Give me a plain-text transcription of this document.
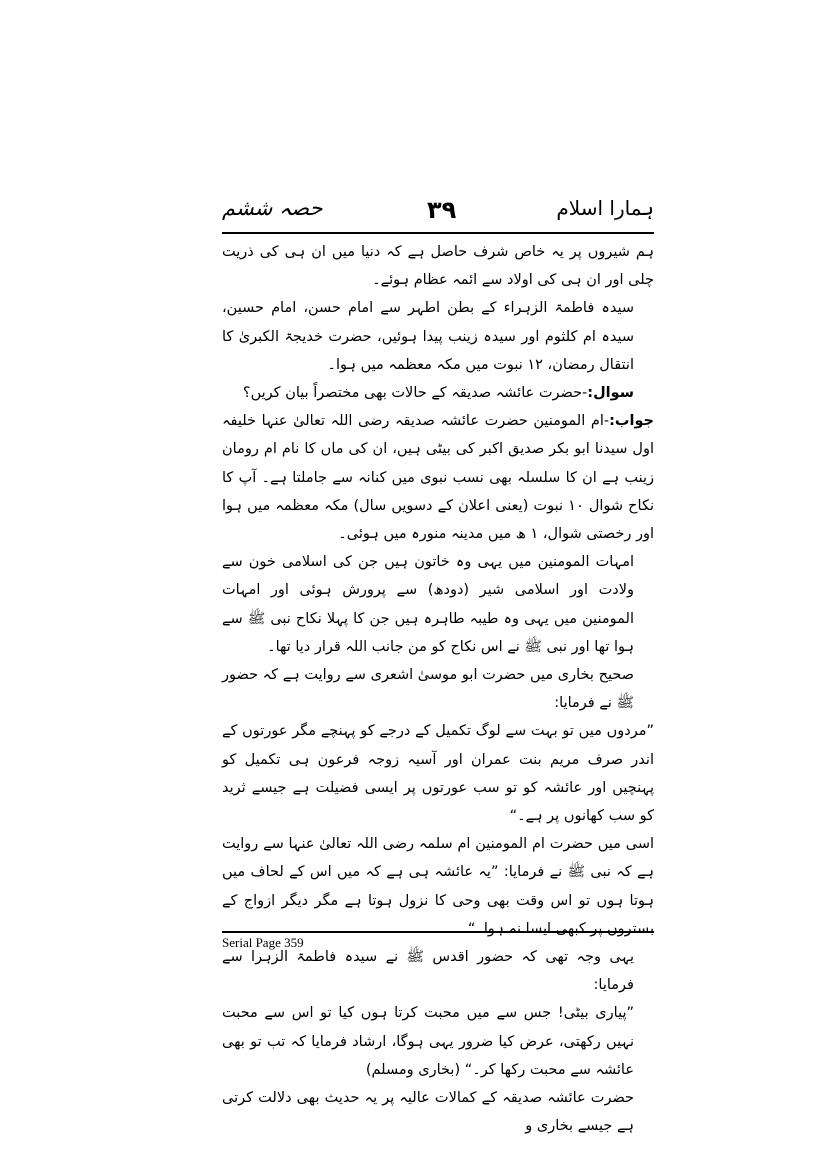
حصہ ششم	۳۹	ہمارا اسلام

ہم شیروں پر یہ خاص شرف حاصل ہے کہ دنیا میں ان ہی کی ذریت چلی اور ان ہی کی اولاد سے ائمہ عظام ہوئے۔

سیدہ فاطمۃ الزہراء کے بطن اطہر سے امام حسن، امام حسین، سیدہ ام کلثوم اور سیدہ زینب پیدا ہوئیں، حضرت خدیجۃ الکبریٰ کا انتقال رمضان، ۱۲ نبوت میں مکہ معظمہ میں ہوا۔

سوال:-حضرت عائشہ صدیقہ کے حالات بھی مختصراً بیان کریں؟

جواب:-ام المومنین حضرت عائشہ صدیقہ رضی اللہ تعالیٰ عنہا خلیفہ اول سیدنا ابو بکر صدیق اکبر کی بیٹی ہیں، ان کی ماں کا نام ام رومان زینب ہے ان کا سلسلہ بھی نسب نبوی میں کنانہ سے جاملتا ہے۔ آپ کا نکاح شوال ۱۰ نبوت (یعنی اعلان کے دسویں سال) مکہ معظمہ میں ہوا اور رخصتی شوال، ۱ ھ میں مدینہ منورہ میں ہوئی۔

امہات المومنین میں یہی وہ خاتون ہیں جن کی اسلامی خون سے ولادت اور اسلامی شیر (دودھ) سے پرورش ہوئی اور امہات المومنین میں یہی وہ طیبہ طاہرہ ہیں جن کا پہلا نکاح نبی ﷺ سے ہوا تھا اور نبی ﷺ نے اس نکاح کو من جانب اللہ قرار دیا تھا۔

صحیح بخاری میں حضرت ابو موسیٰ اشعری سے روایت ہے کہ حضور ﷺ نے فرمایا:

”مردوں میں تو بہت سے لوگ تکمیل کے درجے کو پہنچے مگر عورتوں کے اندر صرف مریم بنت عمران اور آسیہ زوجہ فرعون ہی تکمیل کو پہنچیں اور عائشہ کو تو سب عورتوں پر ایسی فضیلت ہے جیسے ثرید کو سب کھانوں پر ہے۔“

اسی میں حضرت ام المومنین ام سلمہ رضی اللہ تعالیٰ عنہا سے روایت ہے کہ نبی ﷺ نے فرمایا: ”یہ عائشہ ہی ہے کہ میں اس کے لحاف میں ہوتا ہوں تو اس وقت بھی وحی کا نزول ہوتا ہے مگر دیگر ازواج کے بستروں پر کبھی ایسا نہ ہوا۔“

یہی وجہ تھی کہ حضور اقدس ﷺ نے سیدہ فاطمۃ الزہرا سے فرمایا:

”پیاری بیٹی! جس سے میں محبت کرتا ہوں کیا تو اس سے محبت نہیں رکھتی، عرض کیا ضرور یہی ہوگا، ارشاد فرمایا کہ تب تو بھی عائشہ سے محبت رکھا کر۔“ (بخاری ومسلم)

حضرت عائشہ صدیقہ کے کمالات عالیہ پر یہ حدیث بھی دلالت کرتی ہے جیسے بخاری و

Serial Page 359
